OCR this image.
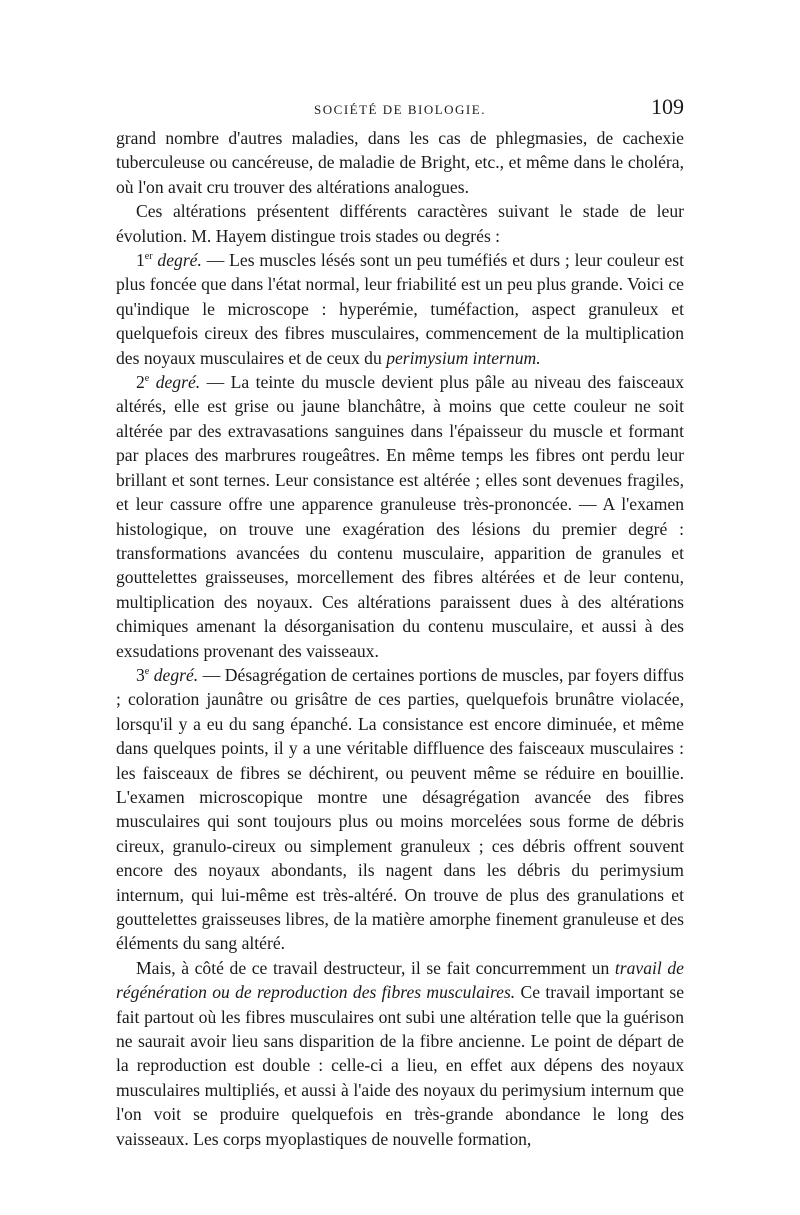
SOCIÉTÉ DE BIOLOGIE.	109

grand nombre d'autres maladies, dans les cas de phlegmasies, de cachexie tuberculeuse ou cancéreuse, de maladie de Bright, etc., et même dans le choléra, où l'on avait cru trouver des altérations analogues.

Ces altérations présentent différents caractères suivant le stade de leur évolution. M. Hayem distingue trois stades ou degrés :

1er degré. — Les muscles lésés sont un peu tuméfiés et durs ; leur couleur est plus foncée que dans l'état normal, leur friabilité est un peu plus grande. Voici ce qu'indique le microscope : hyperémie, tuméfaction, aspect granuleux et quelquefois cireux des fibres musculaires, commencement de la multiplication des noyaux musculaires et de ceux du perimysium internum.

2e degré. — La teinte du muscle devient plus pâle au niveau des faisceaux altérés, elle est grise ou jaune blanchâtre, à moins que cette couleur ne soit altérée par des extravasations sanguines dans l'épaisseur du muscle et formant par places des marbrures rougeâtres. En même temps les fibres ont perdu leur brillant et sont ternes. Leur consistance est altérée ; elles sont devenues fragiles, et leur cassure offre une apparence granuleuse très-prononcée. — A l'examen histologique, on trouve une exagération des lésions du premier degré : transformations avancées du contenu musculaire, apparition de granules et gouttelettes graisseuses, morcellement des fibres altérées et de leur contenu, multiplication des noyaux. Ces altérations paraissent dues à des altérations chimiques amenant la désorganisation du contenu musculaire, et aussi à des exsudations provenant des vaisseaux.

3e degré. — Désagrégation de certaines portions de muscles, par foyers diffus ; coloration jaunâtre ou grisâtre de ces parties, quelquefois brunâtre violacée, lorsqu'il y a eu du sang épanché. La consistance est encore diminuée, et même dans quelques points, il y a une véritable diffluence des faisceaux musculaires : les faisceaux de fibres se déchirent, ou peuvent même se réduire en bouillie. L'examen microscopique montre une désagrégation avancée des fibres musculaires qui sont toujours plus ou moins morcelées sous forme de débris cireux, granulo-cireux ou simplement granuleux ; ces débris offrent souvent encore des noyaux abondants, ils nagent dans les débris du perimysium internum, qui lui-même est très-altéré. On trouve de plus des granulations et gouttelettes graisseuses libres, de la matière amorphe finement granuleuse et des éléments du sang altéré.

Mais, à côté de ce travail destructeur, il se fait concurremment un travail de régénération ou de reproduction des fibres musculaires. Ce travail important se fait partout où les fibres musculaires ont subi une altération telle que la guérison ne saurait avoir lieu sans disparition de la fibre ancienne. Le point de départ de la reproduction est double : celle-ci a lieu, en effet aux dépens des noyaux musculaires multipliés, et aussi à l'aide des noyaux du perimysium internum que l'on voit se produire quelquefois en très-grande abondance le long des vaisseaux. Les corps myoplastiques de nouvelle formation,
